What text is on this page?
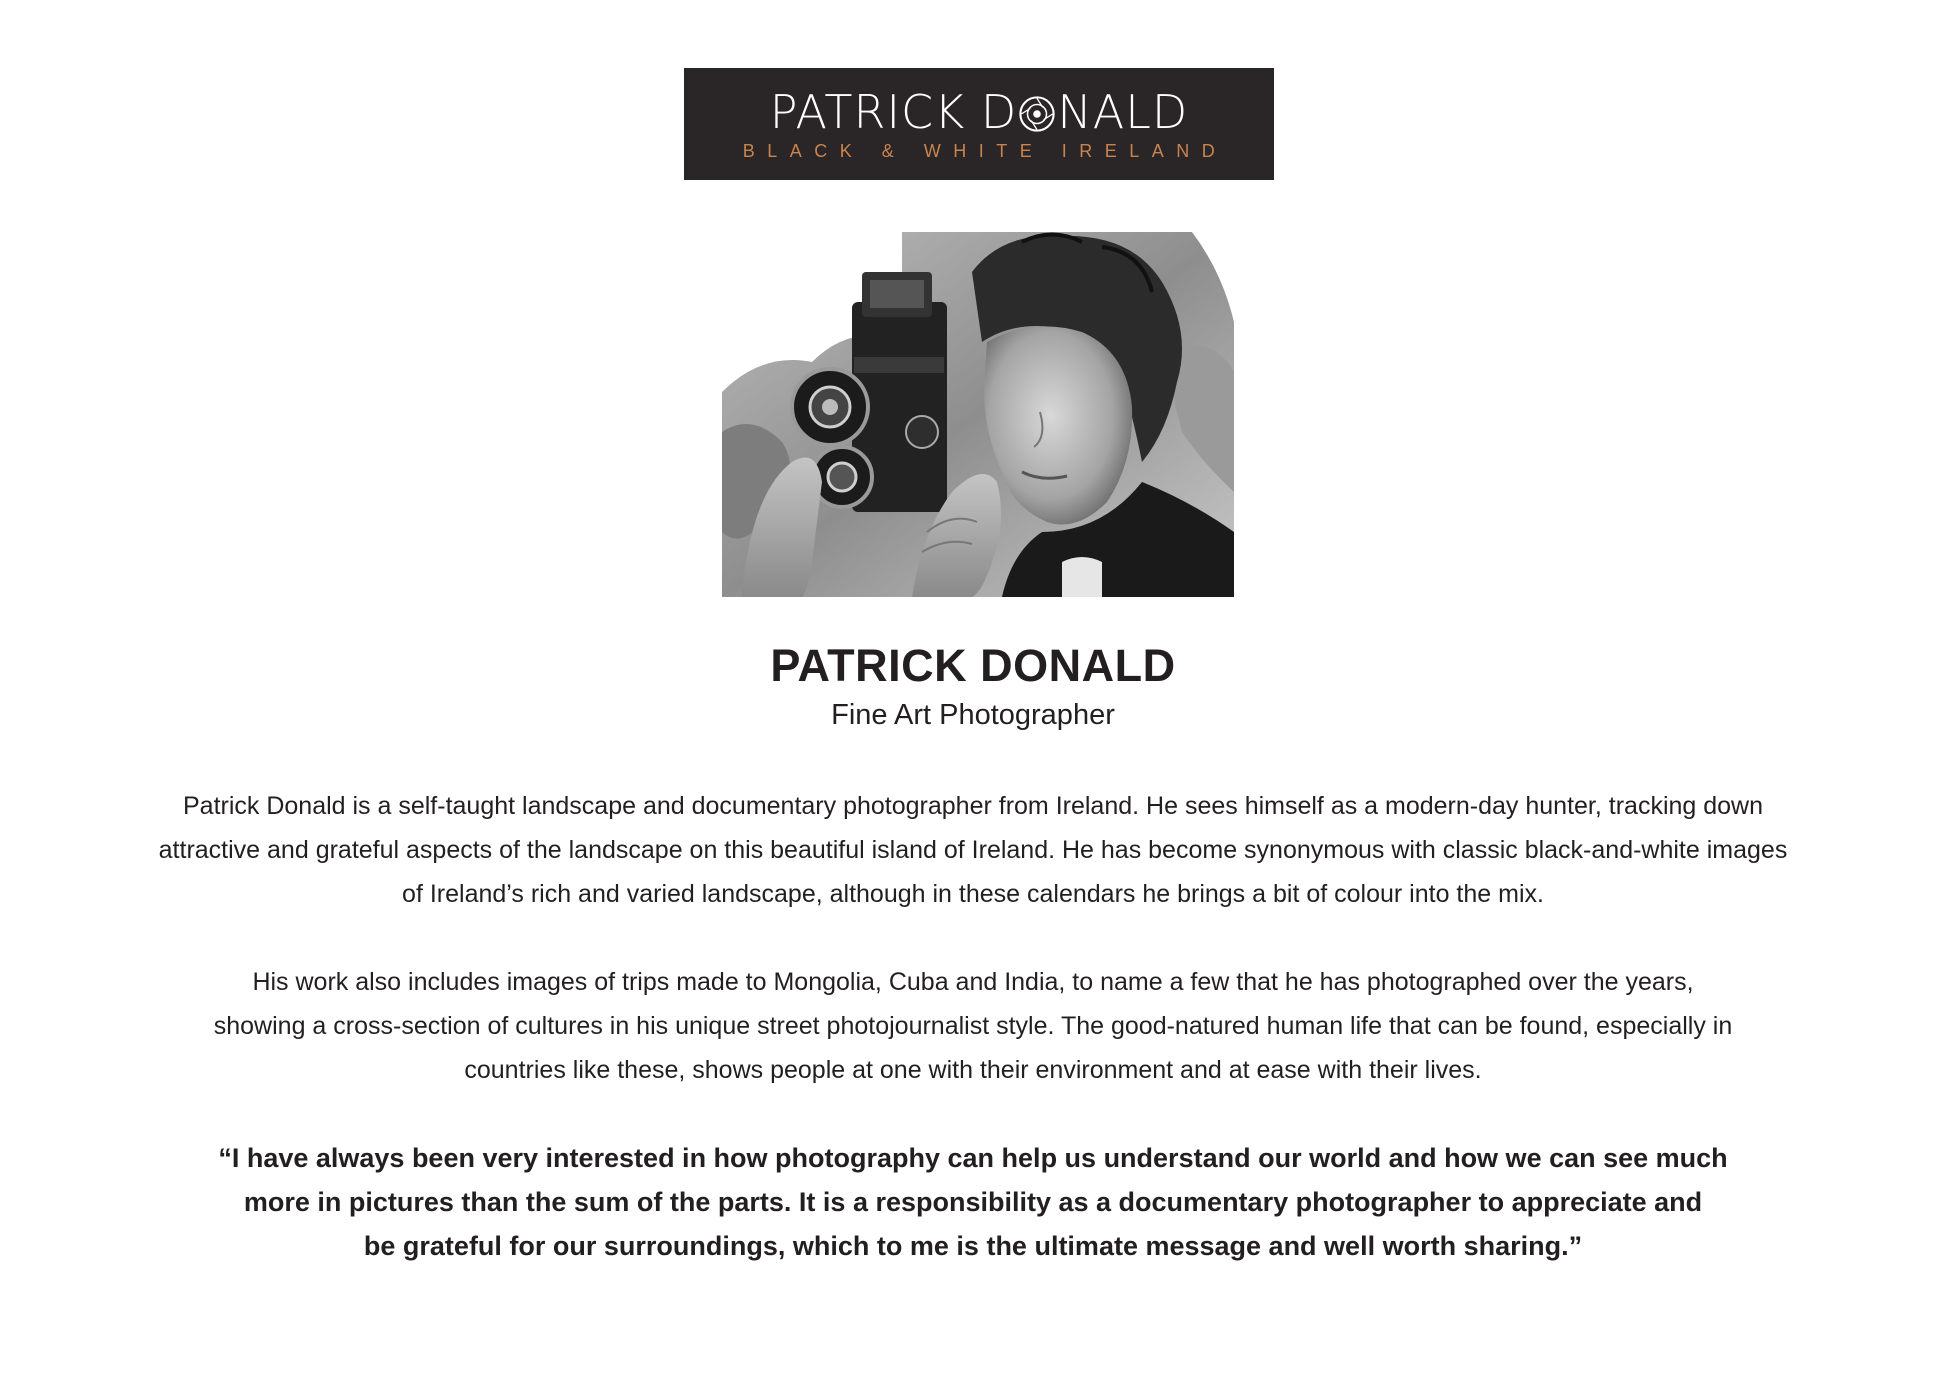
PATRICK D NALD
BLACK & WHITE IRELAND
PATRICK DONALD
Fine Art Photographer

Patrick Donald is a self-taught landscape and documentary photographer from Ireland. He sees himself as a modern-day hunter, tracking down
attractive and grateful aspects of the landscape on this beautiful island of Ireland. He has become synonymous with classic black-and-white images
of Ireland’s rich and varied landscape, although in these calendars he brings a bit of colour into the mix.

His work also includes images of trips made to Mongolia, Cuba and India, to name a few that he has photographed over the years,
showing a cross-section of cultures in his unique street photojournalist style. The good-natured human life that can be found, especially in
countries like these, shows people at one with their environment and at ease with their lives.

“I have always been very interested in how photography can help us understand our world and how we can see much
more in pictures than the sum of the parts. It is a responsibility as a documentary photographer to appreciate and
be grateful for our surroundings, which to me is the ultimate message and well worth sharing.”
